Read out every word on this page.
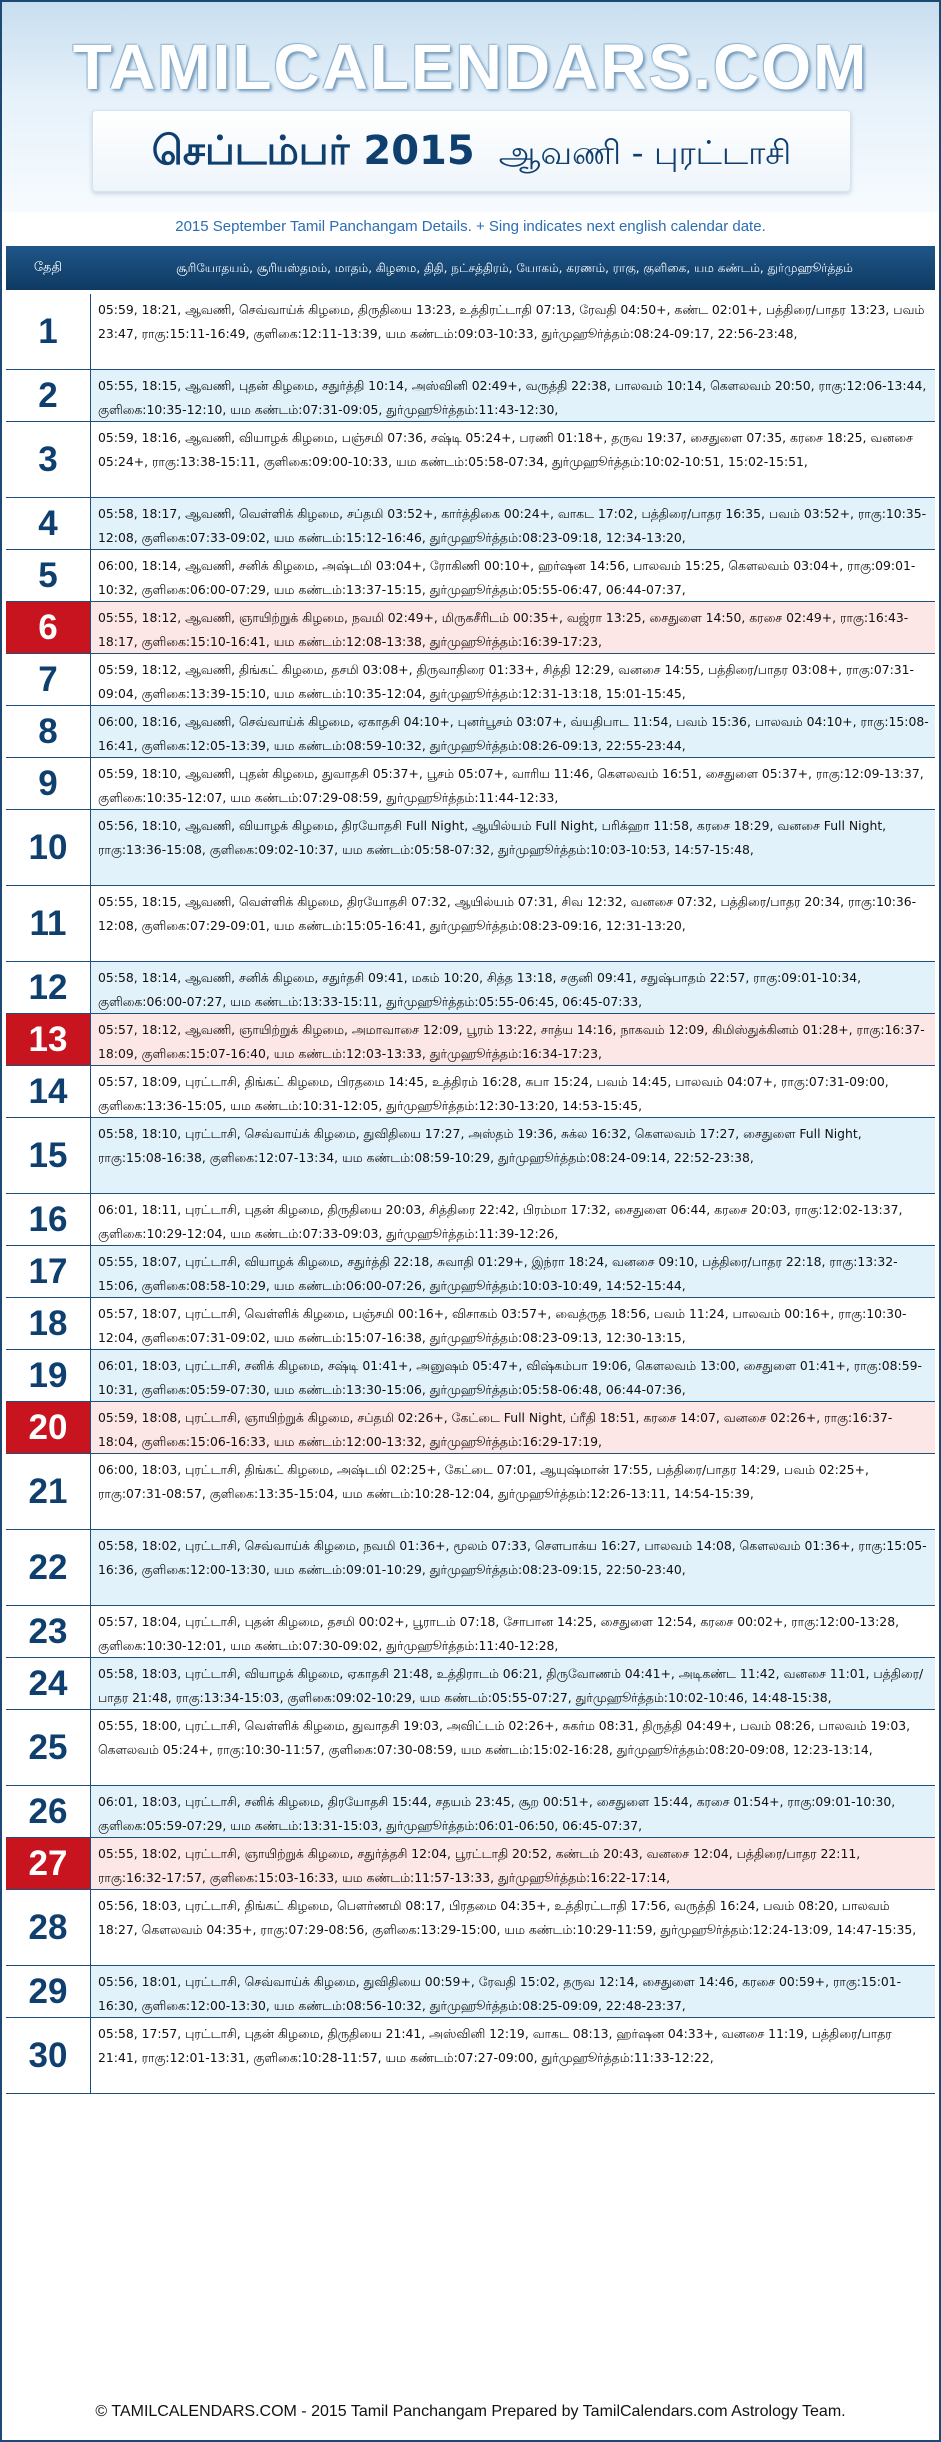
TAMILCALENDARS.COM
செப்டம்பர் 2015 ஆவணி - புரட்டாசி
2015 September Tamil Panchangam Details. + Sing indicates next english calendar date.
தேதி	சூரியோதயம், சூரியஸ்தமம், மாதம், கிழமை, திதி, நட்சத்திரம், யோகம், கரணம், ராகு, குளிகை, யம கண்டம், துர்முஹூர்த்தம்
1
05:59, 18:21, ஆவணி, செவ்வாய்க் கிழமை, திருதியை 13:23, உத்திரட்டாதி 07:13, ரேவதி 04:50+, கண்ட 02:01+, பத்திரை/பாதர 13:23, பவம் 23:47, ராகு:15:11-16:49, குளிகை:12:11-13:39, யம கண்டம்:09:03-10:33, துர்முஹூர்த்தம்:08:24-09:17, 22:56-23:48,
2	05:55, 18:15, ஆவணி, புதன் கிழமை, சதுர்த்தி 10:14, அஸ்வினி 02:49+, வருத்தி 22:38, பாலவம் 10:14, கௌலவம் 20:50, ராகு:12:06-13:44, குளிகை:10:35-12:10, யம கண்டம்:07:31-09:05, துர்முஹூர்த்தம்:11:43-12:30,
3
05:59, 18:16, ஆவணி, வியாழக் கிழமை, பஞ்சமி 07:36, சஷ்டி 05:24+, பரணி 01:18+, தருவ 19:37, சைதுளை 07:35, கரசை 18:25, வனசை 05:24+, ராகு:13:38-15:11, குளிகை:09:00-10:33, யம கண்டம்:05:58-07:34, துர்முஹூர்த்தம்:10:02-10:51, 15:02-15:51,
4	05:58, 18:17, ஆவணி, வெள்ளிக் கிழமை, சப்தமி 03:52+, கார்த்திகை 00:24+, வாகட 17:02, பத்திரை/பாதர 16:35, பவம் 03:52+, ராகு:10:35-12:08, குளிகை:07:33-09:02, யம கண்டம்:15:12-16:46, துர்முஹூர்த்தம்:08:23-09:18, 12:34-13:20,
5	06:00, 18:14, ஆவணி, சனிக் கிழமை, அஷ்டமி 03:04+, ரோகிணி 00:10+, ஹர்ஷன 14:56, பாலவம் 15:25, கௌலவம் 03:04+, ராகு:09:01-10:32, குளிகை:06:00-07:29, யம கண்டம்:13:37-15:15, துர்முஹூர்த்தம்:05:55-06:47, 06:44-07:37,
6	05:55, 18:12, ஆவணி, ஞாயிற்றுக் கிழமை, நவமி 02:49+, மிருகசீரிடம் 00:35+, வஜ்ரா 13:25, சைதுளை 14:50, கரசை 02:49+, ராகு:16:43-18:17, குளிகை:15:10-16:41, யம கண்டம்:12:08-13:38, துர்முஹூர்த்தம்:16:39-17:23,
7	05:59, 18:12, ஆவணி, திங்கட் கிழமை, தசமி 03:08+, திருவாதிரை 01:33+, சித்தி 12:29, வனசை 14:55, பத்திரை/பாதர 03:08+, ராகு:07:31-09:04, குளிகை:13:39-15:10, யம கண்டம்:10:35-12:04, துர்முஹூர்த்தம்:12:31-13:18, 15:01-15:45,
8	06:00, 18:16, ஆவணி, செவ்வாய்க் கிழமை, ஏகாதசி 04:10+, புனர்பூசம் 03:07+, வ்யதிபாட 11:54, பவம் 15:36, பாலவம் 04:10+, ராகு:15:08-16:41, குளிகை:12:05-13:39, யம கண்டம்:08:59-10:32, துர்முஹூர்த்தம்:08:26-09:13, 22:55-23:44,
9	05:59, 18:10, ஆவணி, புதன் கிழமை, துவாதசி 05:37+, பூசம் 05:07+, வாரிய 11:46, கௌலவம் 16:51, சைதுளை 05:37+, ராகு:12:09-13:37, குளிகை:10:35-12:07, யம கண்டம்:07:29-08:59, துர்முஹூர்த்தம்:11:44-12:33,
10
05:56, 18:10, ஆவணி, வியாழக் கிழமை, திரயோதசி Full Night, ஆயில்யம் Full Night, பரிக்ஹா 11:58, கரசை 18:29, வனசை Full Night, ராகு:13:36-15:08, குளிகை:09:02-10:37, யம கண்டம்:05:58-07:32, துர்முஹூர்த்தம்:10:03-10:53, 14:57-15:48,
11
05:55, 18:15, ஆவணி, வெள்ளிக் கிழமை, திரயோதசி 07:32, ஆயில்யம் 07:31, சிவ 12:32, வனசை 07:32, பத்திரை/பாதர 20:34, ராகு:10:36-12:08, குளிகை:07:29-09:01, யம கண்டம்:15:05-16:41, துர்முஹூர்த்தம்:08:23-09:16, 12:31-13:20,
12	05:58, 18:14, ஆவணி, சனிக் கிழமை, சதுர்தசி 09:41, மகம் 10:20, சித்த 13:18, சகுனி 09:41, சதுஷ்பாதம் 22:57, ராகு:09:01-10:34, குளிகை:06:00-07:27, யம கண்டம்:13:33-15:11, துர்முஹூர்த்தம்:05:55-06:45, 06:45-07:33,
13	05:57, 18:12, ஆவணி, ஞாயிற்றுக் கிழமை, அமாவாசை 12:09, பூரம் 13:22, சாத்ய 14:16, நாகவம் 12:09, கிமிஸ்துக்கினம் 01:28+, ராகு:16:37-18:09, குளிகை:15:07-16:40, யம கண்டம்:12:03-13:33, துர்முஹூர்த்தம்:16:34-17:23,
14	05:57, 18:09, புரட்டாசி, திங்கட் கிழமை, பிரதமை 14:45, உத்திரம் 16:28, சுபா 15:24, பவம் 14:45, பாலவம் 04:07+, ராகு:07:31-09:00, குளிகை:13:36-15:05, யம கண்டம்:10:31-12:05, துர்முஹூர்த்தம்:12:30-13:20, 14:53-15:45,
15
05:58, 18:10, புரட்டாசி, செவ்வாய்க் கிழமை, துவிதியை 17:27, அஸ்தம் 19:36, சுக்ல 16:32, கௌலவம் 17:27, சைதுளை Full Night, ராகு:15:08-16:38, குளிகை:12:07-13:34, யம கண்டம்:08:59-10:29, துர்முஹூர்த்தம்:08:24-09:14, 22:52-23:38,
16	06:01, 18:11, புரட்டாசி, புதன் கிழமை, திருதியை 20:03, சித்திரை 22:42, பிரம்மா 17:32, சைதுளை 06:44, கரசை 20:03, ராகு:12:02-13:37, குளிகை:10:29-12:04, யம கண்டம்:07:33-09:03, துர்முஹூர்த்தம்:11:39-12:26,
17	05:55, 18:07, புரட்டாசி, வியாழக் கிழமை, சதுர்த்தி 22:18, சுவாதி 01:29+, இந்ரா 18:24, வனசை 09:10, பத்திரை/பாதர 22:18, ராகு:13:32-15:06, குளிகை:08:58-10:29, யம கண்டம்:06:00-07:26, துர்முஹூர்த்தம்:10:03-10:49, 14:52-15:44,
18	05:57, 18:07, புரட்டாசி, வெள்ளிக் கிழமை, பஞ்சமி 00:16+, விசாகம் 03:57+, வைத்ருத 18:56, பவம் 11:24, பாலவம் 00:16+, ராகு:10:30-12:04, குளிகை:07:31-09:02, யம கண்டம்:15:07-16:38, துர்முஹூர்த்தம்:08:23-09:13, 12:30-13:15,
19	06:01, 18:03, புரட்டாசி, சனிக் கிழமை, சஷ்டி 01:41+, அனுஷம் 05:47+, விஷ்கம்பா 19:06, கௌலவம் 13:00, சைதுளை 01:41+, ராகு:08:59-10:31, குளிகை:05:59-07:30, யம கண்டம்:13:30-15:06, துர்முஹூர்த்தம்:05:58-06:48, 06:44-07:36,
20	05:59, 18:08, புரட்டாசி, ஞாயிற்றுக் கிழமை, சப்தமி 02:26+, கேட்டை Full Night, ப்ரீதி 18:51, கரசை 14:07, வனசை 02:26+, ராகு:16:37-18:04, குளிகை:15:06-16:33, யம கண்டம்:12:00-13:32, துர்முஹூர்த்தம்:16:29-17:19,
21
06:00, 18:03, புரட்டாசி, திங்கட் கிழமை, அஷ்டமி 02:25+, கேட்டை 07:01, ஆயுஷ்மான் 17:55, பத்திரை/பாதர 14:29, பவம் 02:25+, ராகு:07:31-08:57, குளிகை:13:35-15:04, யம கண்டம்:10:28-12:04, துர்முஹூர்த்தம்:12:26-13:11, 14:54-15:39,
22
05:58, 18:02, புரட்டாசி, செவ்வாய்க் கிழமை, நவமி 01:36+, மூலம் 07:33, சௌபாக்ய 16:27, பாலவம் 14:08, கௌலவம் 01:36+, ராகு:15:05-16:36, குளிகை:12:00-13:30, யம கண்டம்:09:01-10:29, துர்முஹூர்த்தம்:08:23-09:15, 22:50-23:40,
23	05:57, 18:04, புரட்டாசி, புதன் கிழமை, தசமி 00:02+, பூராடம் 07:18, சோபான 14:25, சைதுளை 12:54, கரசை 00:02+, ராகு:12:00-13:28, குளிகை:10:30-12:01, யம கண்டம்:07:30-09:02, துர்முஹூர்த்தம்:11:40-12:28,
24	05:58, 18:03, புரட்டாசி, வியாழக் கிழமை, ஏகாதசி 21:48, உத்திராடம் 06:21, திருவோணம் 04:41+, அடிகண்ட 11:42, வனசை 11:01, பத்திரை/பாதர 21:48, ராகு:13:34-15:03, குளிகை:09:02-10:29, யம கண்டம்:05:55-07:27, துர்முஹூர்த்தம்:10:02-10:46, 14:48-15:38,
25
05:55, 18:00, புரட்டாசி, வெள்ளிக் கிழமை, துவாதசி 19:03, அவிட்டம் 02:26+, சுகர்ம 08:31, திருத்தி 04:49+, பவம் 08:26, பாலவம் 19:03, கௌலவம் 05:24+, ராகு:10:30-11:57, குளிகை:07:30-08:59, யம கண்டம்:15:02-16:28, துர்முஹூர்த்தம்:08:20-09:08, 12:23-13:14,
26	06:01, 18:03, புரட்டாசி, சனிக் கிழமை, திரயோதசி 15:44, சதயம் 23:45, சூற 00:51+, சைதுளை 15:44, கரசை 01:54+, ராகு:09:01-10:30, குளிகை:05:59-07:29, யம கண்டம்:13:31-15:03, துர்முஹூர்த்தம்:06:01-06:50, 06:45-07:37,
27	05:55, 18:02, புரட்டாசி, ஞாயிற்றுக் கிழமை, சதுர்த்தசி 12:04, பூரட்டாதி 20:52, கண்டம் 20:43, வனசை 12:04, பத்திரை/பாதர 22:11, ராகு:16:32-17:57, குளிகை:15:03-16:33, யம கண்டம்:11:57-13:33, துர்முஹூர்த்தம்:16:22-17:14,
28
05:56, 18:03, புரட்டாசி, திங்கட் கிழமை, பௌர்ணமி 08:17, பிரதமை 04:35+, உத்திரட்டாதி 17:56, வருத்தி 16:24, பவம் 08:20, பாலவம் 18:27, கௌலவம் 04:35+, ராகு:07:29-08:56, குளிகை:13:29-15:00, யம கண்டம்:10:29-11:59, துர்முஹூர்த்தம்:12:24-13:09, 14:47-15:35,
29	05:56, 18:01, புரட்டாசி, செவ்வாய்க் கிழமை, துவிதியை 00:59+, ரேவதி 15:02, தருவ 12:14, சைதுளை 14:46, கரசை 00:59+, ராகு:15:01-16:30, குளிகை:12:00-13:30, யம கண்டம்:08:56-10:32, துர்முஹூர்த்தம்:08:25-09:09, 22:48-23:37,
30
05:58, 17:57, புரட்டாசி, புதன் கிழமை, திருதியை 21:41, அஸ்வினி 12:19, வாகட 08:13, ஹர்ஷன 04:33+, வனசை 11:19, பத்திரை/பாதர 21:41, ராகு:12:01-13:31, குளிகை:10:28-11:57, யம கண்டம்:07:27-09:00, துர்முஹூர்த்தம்:11:33-12:22,
© TAMILCALENDARS.COM - 2015 Tamil Panchangam Prepared by TamilCalendars.com Astrology Team.
